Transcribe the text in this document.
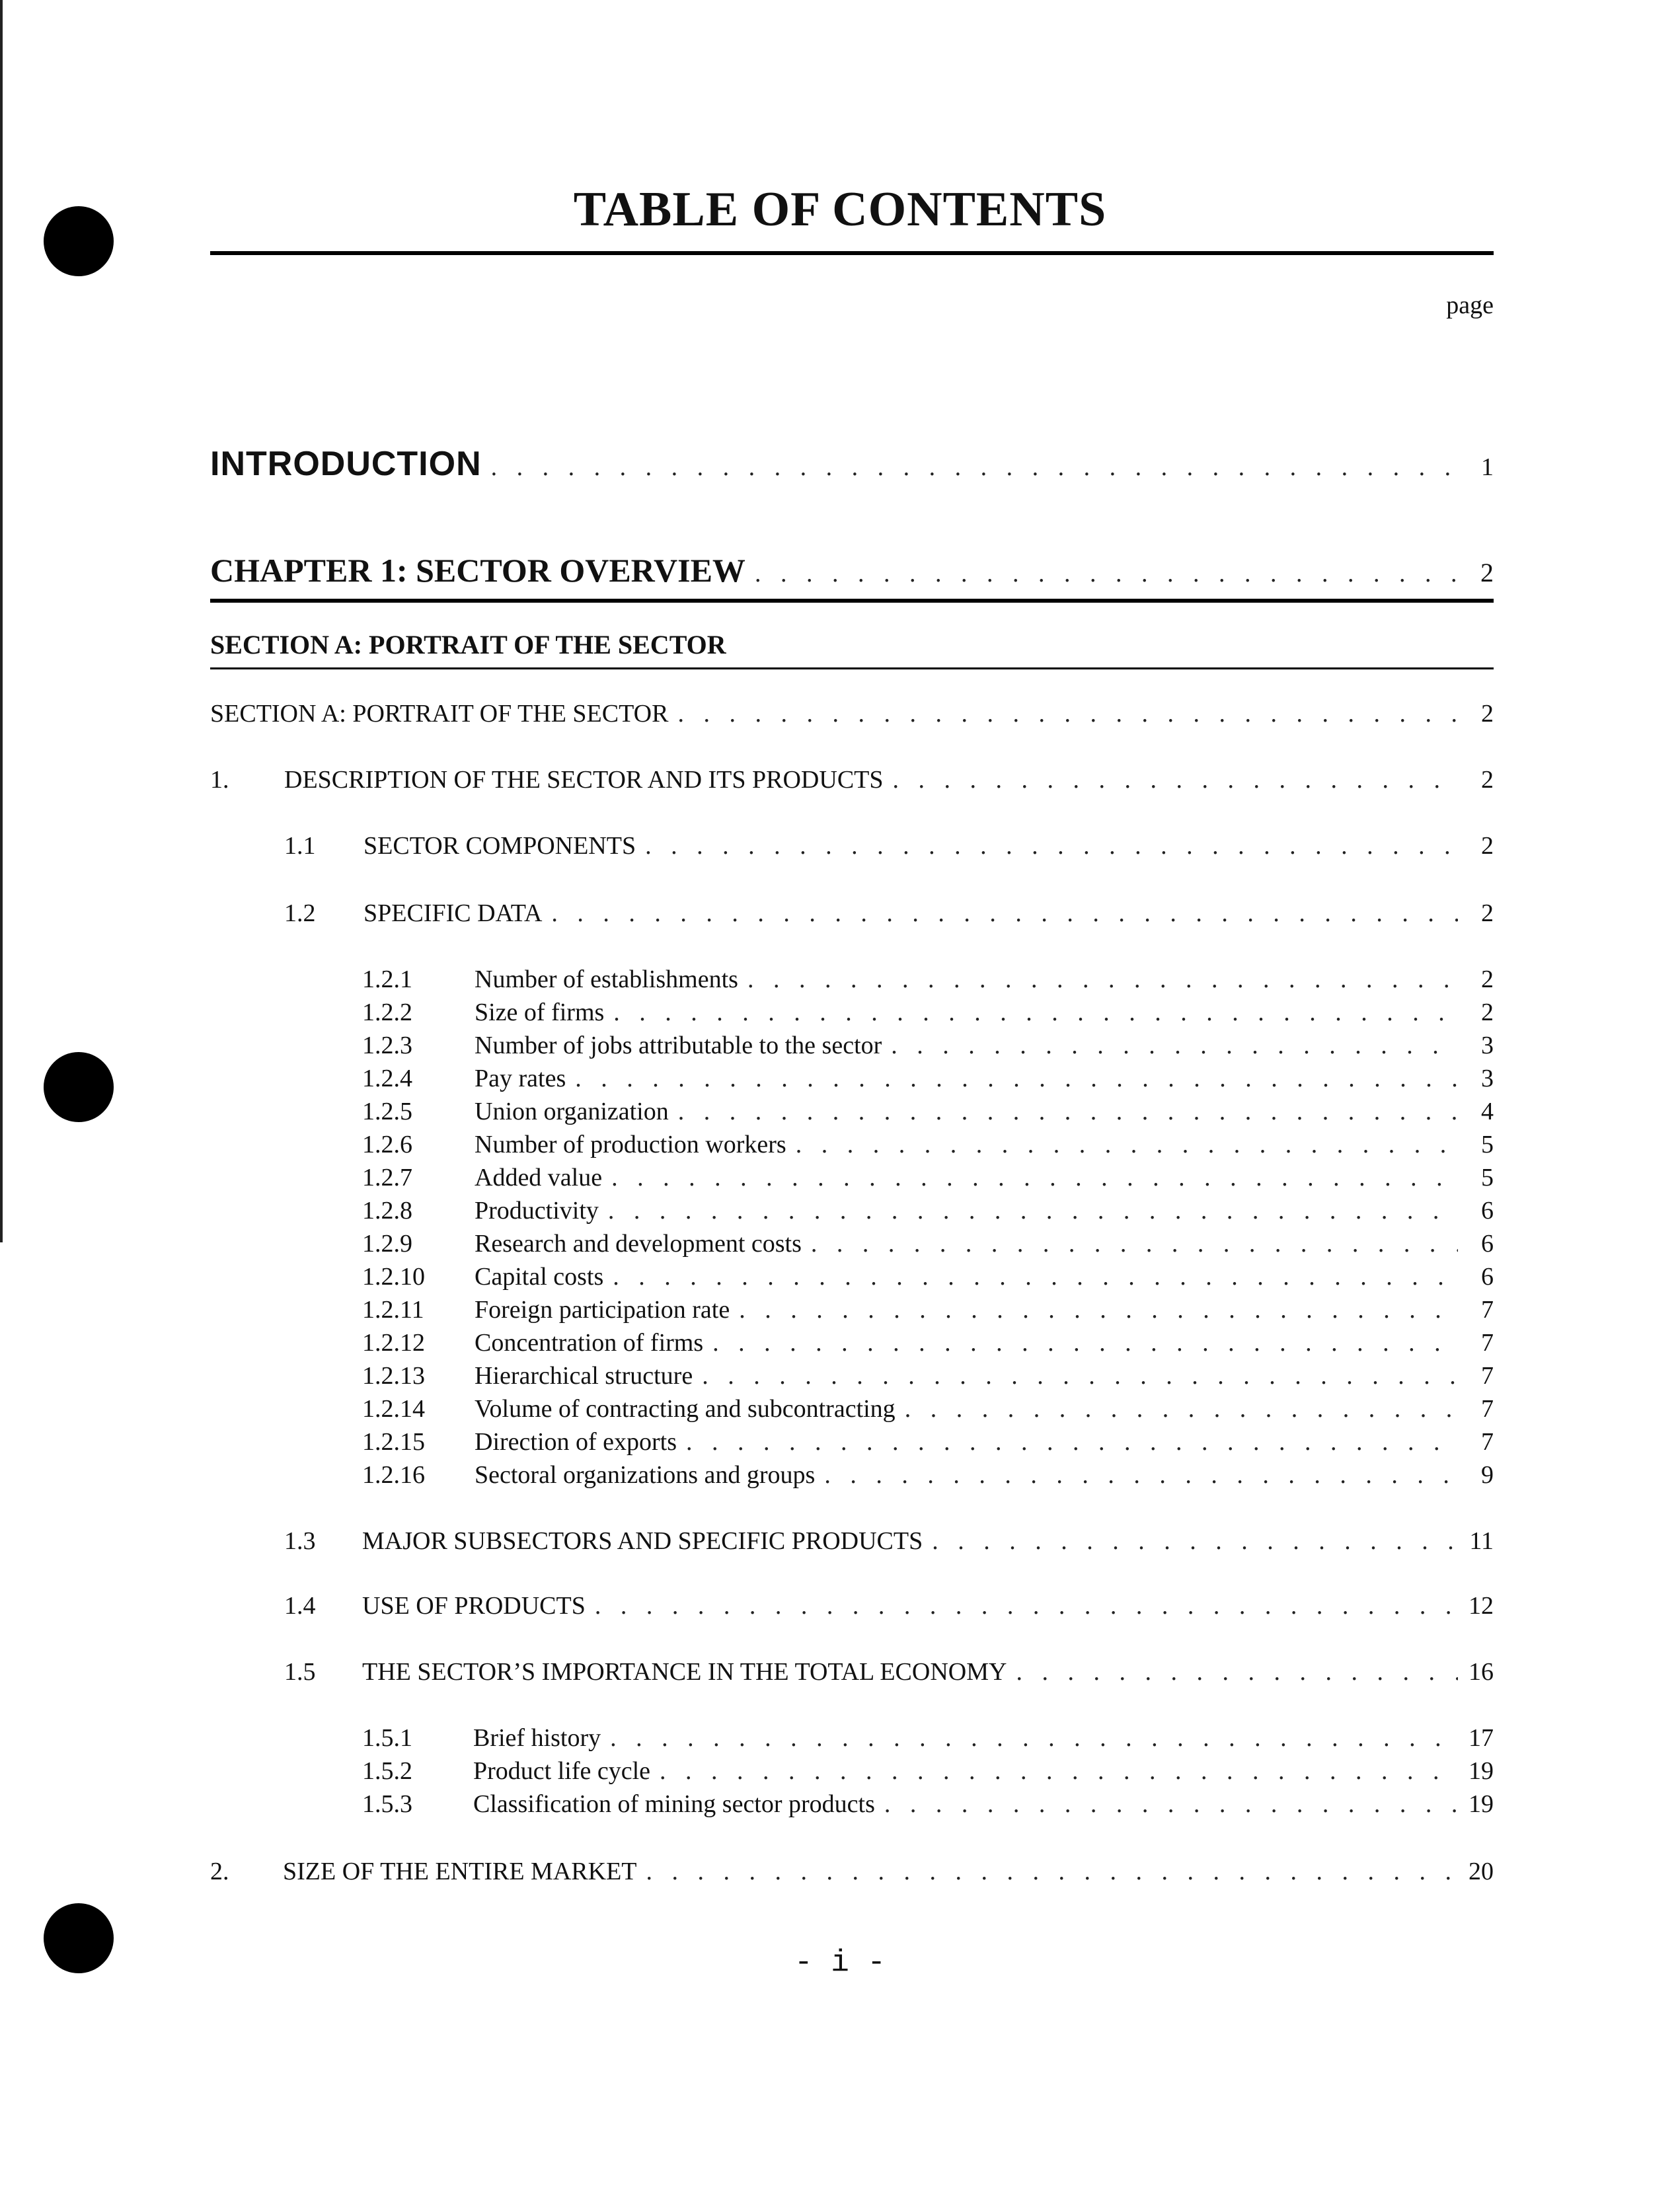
TABLE OF CONTENTS
page
INTRODUCTION . . .	1
CHAPTER 1: SECTOR OVERVIEW . . .	2
SECTION A: PORTRAIT OF THE SECTOR
SECTION A: PORTRAIT OF THE SECTOR . . .	2
1.	DESCRIPTION OF THE SECTOR AND ITS PRODUCTS . . .	2
1.1	SECTOR COMPONENTS . . .	2
1.2	SPECIFIC DATA . . .	2
1.2.1	Number of establishments . . .	2
1.2.2	Size of firms . . .	2
1.2.3	Number of jobs attributable to the sector . . .	3
1.2.4	Pay rates . . .	3
1.2.5	Union organization . . .	4
1.2.6	Number of production workers . . .	5
1.2.7	Added value . . .	5
1.2.8	Productivity . . .	6
1.2.9	Research and development costs . . .	6
1.2.10	Capital costs . . .	6
1.2.11	Foreign participation rate . . .	7
1.2.12	Concentration of firms . . .	7
1.2.13	Hierarchical structure . . .	7
1.2.14	Volume of contracting and subcontracting . . .	7
1.2.15	Direction of exports . . .	7
1.2.16	Sectoral organizations and groups . . .	9
1.3	MAJOR SUBSECTORS AND SPECIFIC PRODUCTS . . .	11
1.4	USE OF PRODUCTS . . .	12
1.5	THE SECTOR’S IMPORTANCE IN THE TOTAL ECONOMY . . .	16
1.5.1	Brief history . . .	17
1.5.2	Product life cycle . . .	19
1.5.3	Classification of mining sector products . . .	19
2.	SIZE OF THE ENTIRE MARKET . . .	20
- i -
